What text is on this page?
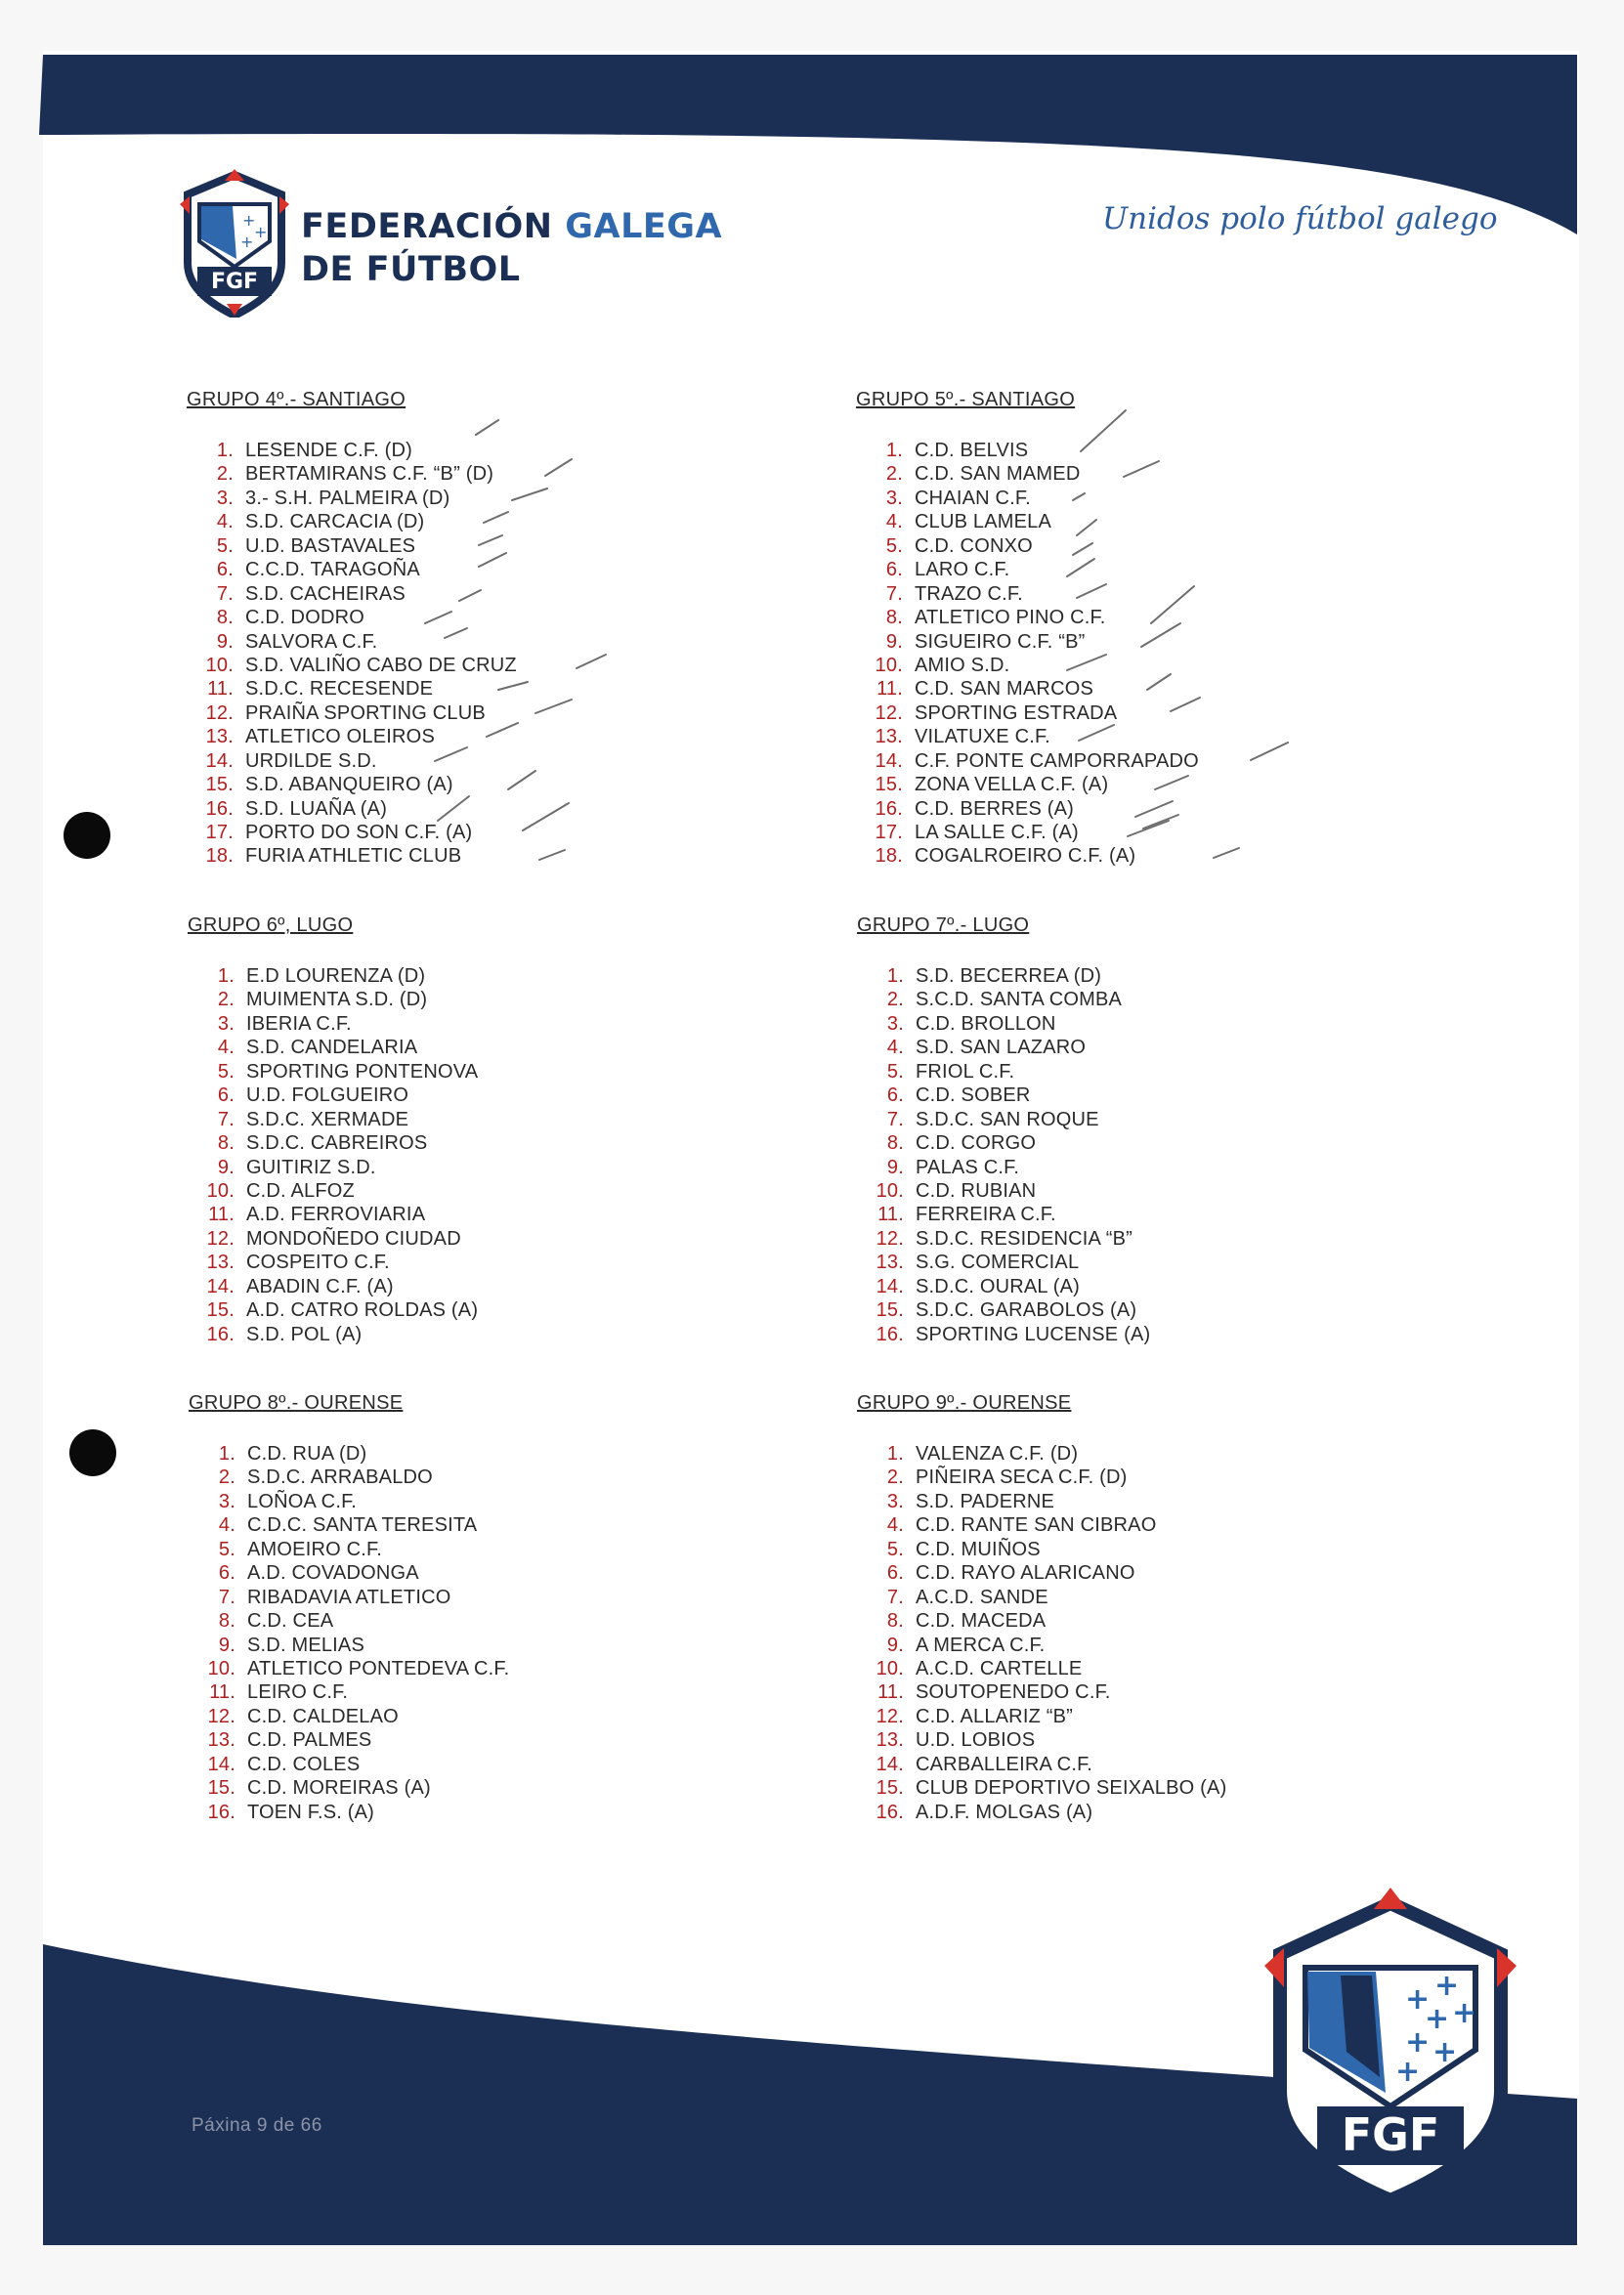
+
+
+
FGF
FEDERACIÓN GALEGA
DE FÚTBOL
Unidos polo fútbol galego
GRUPO 4º.- SANTIAGO
1. LESENDE C.F. (D)
2. BERTAMIRANS C.F. “B” (D)
3. 3.- S.H. PALMEIRA (D)
4. S.D. CARCACIA (D)
5. U.D. BASTAVALES
6. C.C.D. TARAGOÑA
7. S.D. CACHEIRAS
8. C.D. DODRO
9. SALVORA C.F.
10. S.D. VALIÑO CABO DE CRUZ
11. S.D.C. RECESENDE
12. PRAIÑA SPORTING CLUB
13. ATLETICO OLEIROS
14. URDILDE S.D.
15. S.D. ABANQUEIRO (A)
16. S.D. LUAÑA (A)
17. PORTO DO SON C.F. (A)
18. FURIA ATHLETIC CLUB
GRUPO 5º.- SANTIAGO
1. C.D. BELVIS
2. C.D. SAN MAMED
3. CHAIAN C.F.
4. CLUB LAMELA
5. C.D. CONXO
6. LARO C.F.
7. TRAZO C.F.
8. ATLETICO PINO C.F.
9. SIGUEIRO C.F. “B”
10. AMIO S.D.
11. C.D. SAN MARCOS
12. SPORTING ESTRADA
13. VILATUXE C.F.
14. C.F. PONTE CAMPORRAPADO
15. ZONA VELLA C.F. (A)
16. C.D. BERRES (A)
17. LA SALLE C.F. (A)
18. COGALROEIRO C.F. (A)
GRUPO 6º, LUGO
1. E.D LOURENZA (D)
2. MUIMENTA S.D. (D)
3. IBERIA C.F.
4. S.D. CANDELARIA
5. SPORTING PONTENOVA
6. U.D. FOLGUEIRO
7. S.D.C. XERMADE
8. S.D.C. CABREIROS
9. GUITIRIZ S.D.
10. C.D. ALFOZ
11. A.D. FERROVIARIA
12. MONDOÑEDO CIUDAD
13. COSPEITO C.F.
14. ABADIN C.F. (A)
15. A.D. CATRO ROLDAS (A)
16. S.D. POL (A)
GRUPO 7º.- LUGO
1. S.D. BECERREA (D)
2. S.C.D. SANTA COMBA
3. C.D. BROLLON
4. S.D. SAN LAZARO
5. FRIOL C.F.
6. C.D. SOBER
7. S.D.C. SAN ROQUE
8. C.D. CORGO
9. PALAS C.F.
10. C.D. RUBIAN
11. FERREIRA C.F.
12. S.D.C. RESIDENCIA “B”
13. S.G. COMERCIAL
14. S.D.C. OURAL (A)
15. S.D.C. GARABOLOS (A)
16. SPORTING LUCENSE (A)
GRUPO 8º.- OURENSE
1. C.D. RUA (D)
2. S.D.C. ARRABALDO
3. LOÑOA C.F.
4. C.D.C. SANTA TERESITA
5. AMOEIRO C.F.
6. A.D. COVADONGA
7. RIBADAVIA ATLETICO
8. C.D. CEA
9. S.D. MELIAS
10. ATLETICO PONTEDEVA C.F.
11. LEIRO C.F.
12. C.D. CALDELAO
13. C.D. PALMES
14. C.D. COLES
15. C.D. MOREIRAS (A)
16. TOEN F.S. (A)
GRUPO 9º.- OURENSE
1. VALENZA C.F. (D)
2. PIÑEIRA SECA C.F. (D)
3. S.D. PADERNE
4. C.D. RANTE SAN CIBRAO
5. C.D. MUIÑOS
6. C.D. RAYO ALARICANO
7. A.C.D. SANDE
8. C.D. MACEDA
9. A MERCA C.F.
10. A.C.D. CARTELLE
11. SOUTOPENEDO C.F.
12. C.D. ALLARIZ “B”
13. U.D. LOBIOS
14. CARBALLEIRA C.F.
15. CLUB DEPORTIVO SEIXALBO (A)
16. A.D.F. MOLGAS (A)
Páxina 9 de 66
+ +
+ +
+ +
+
FGF
